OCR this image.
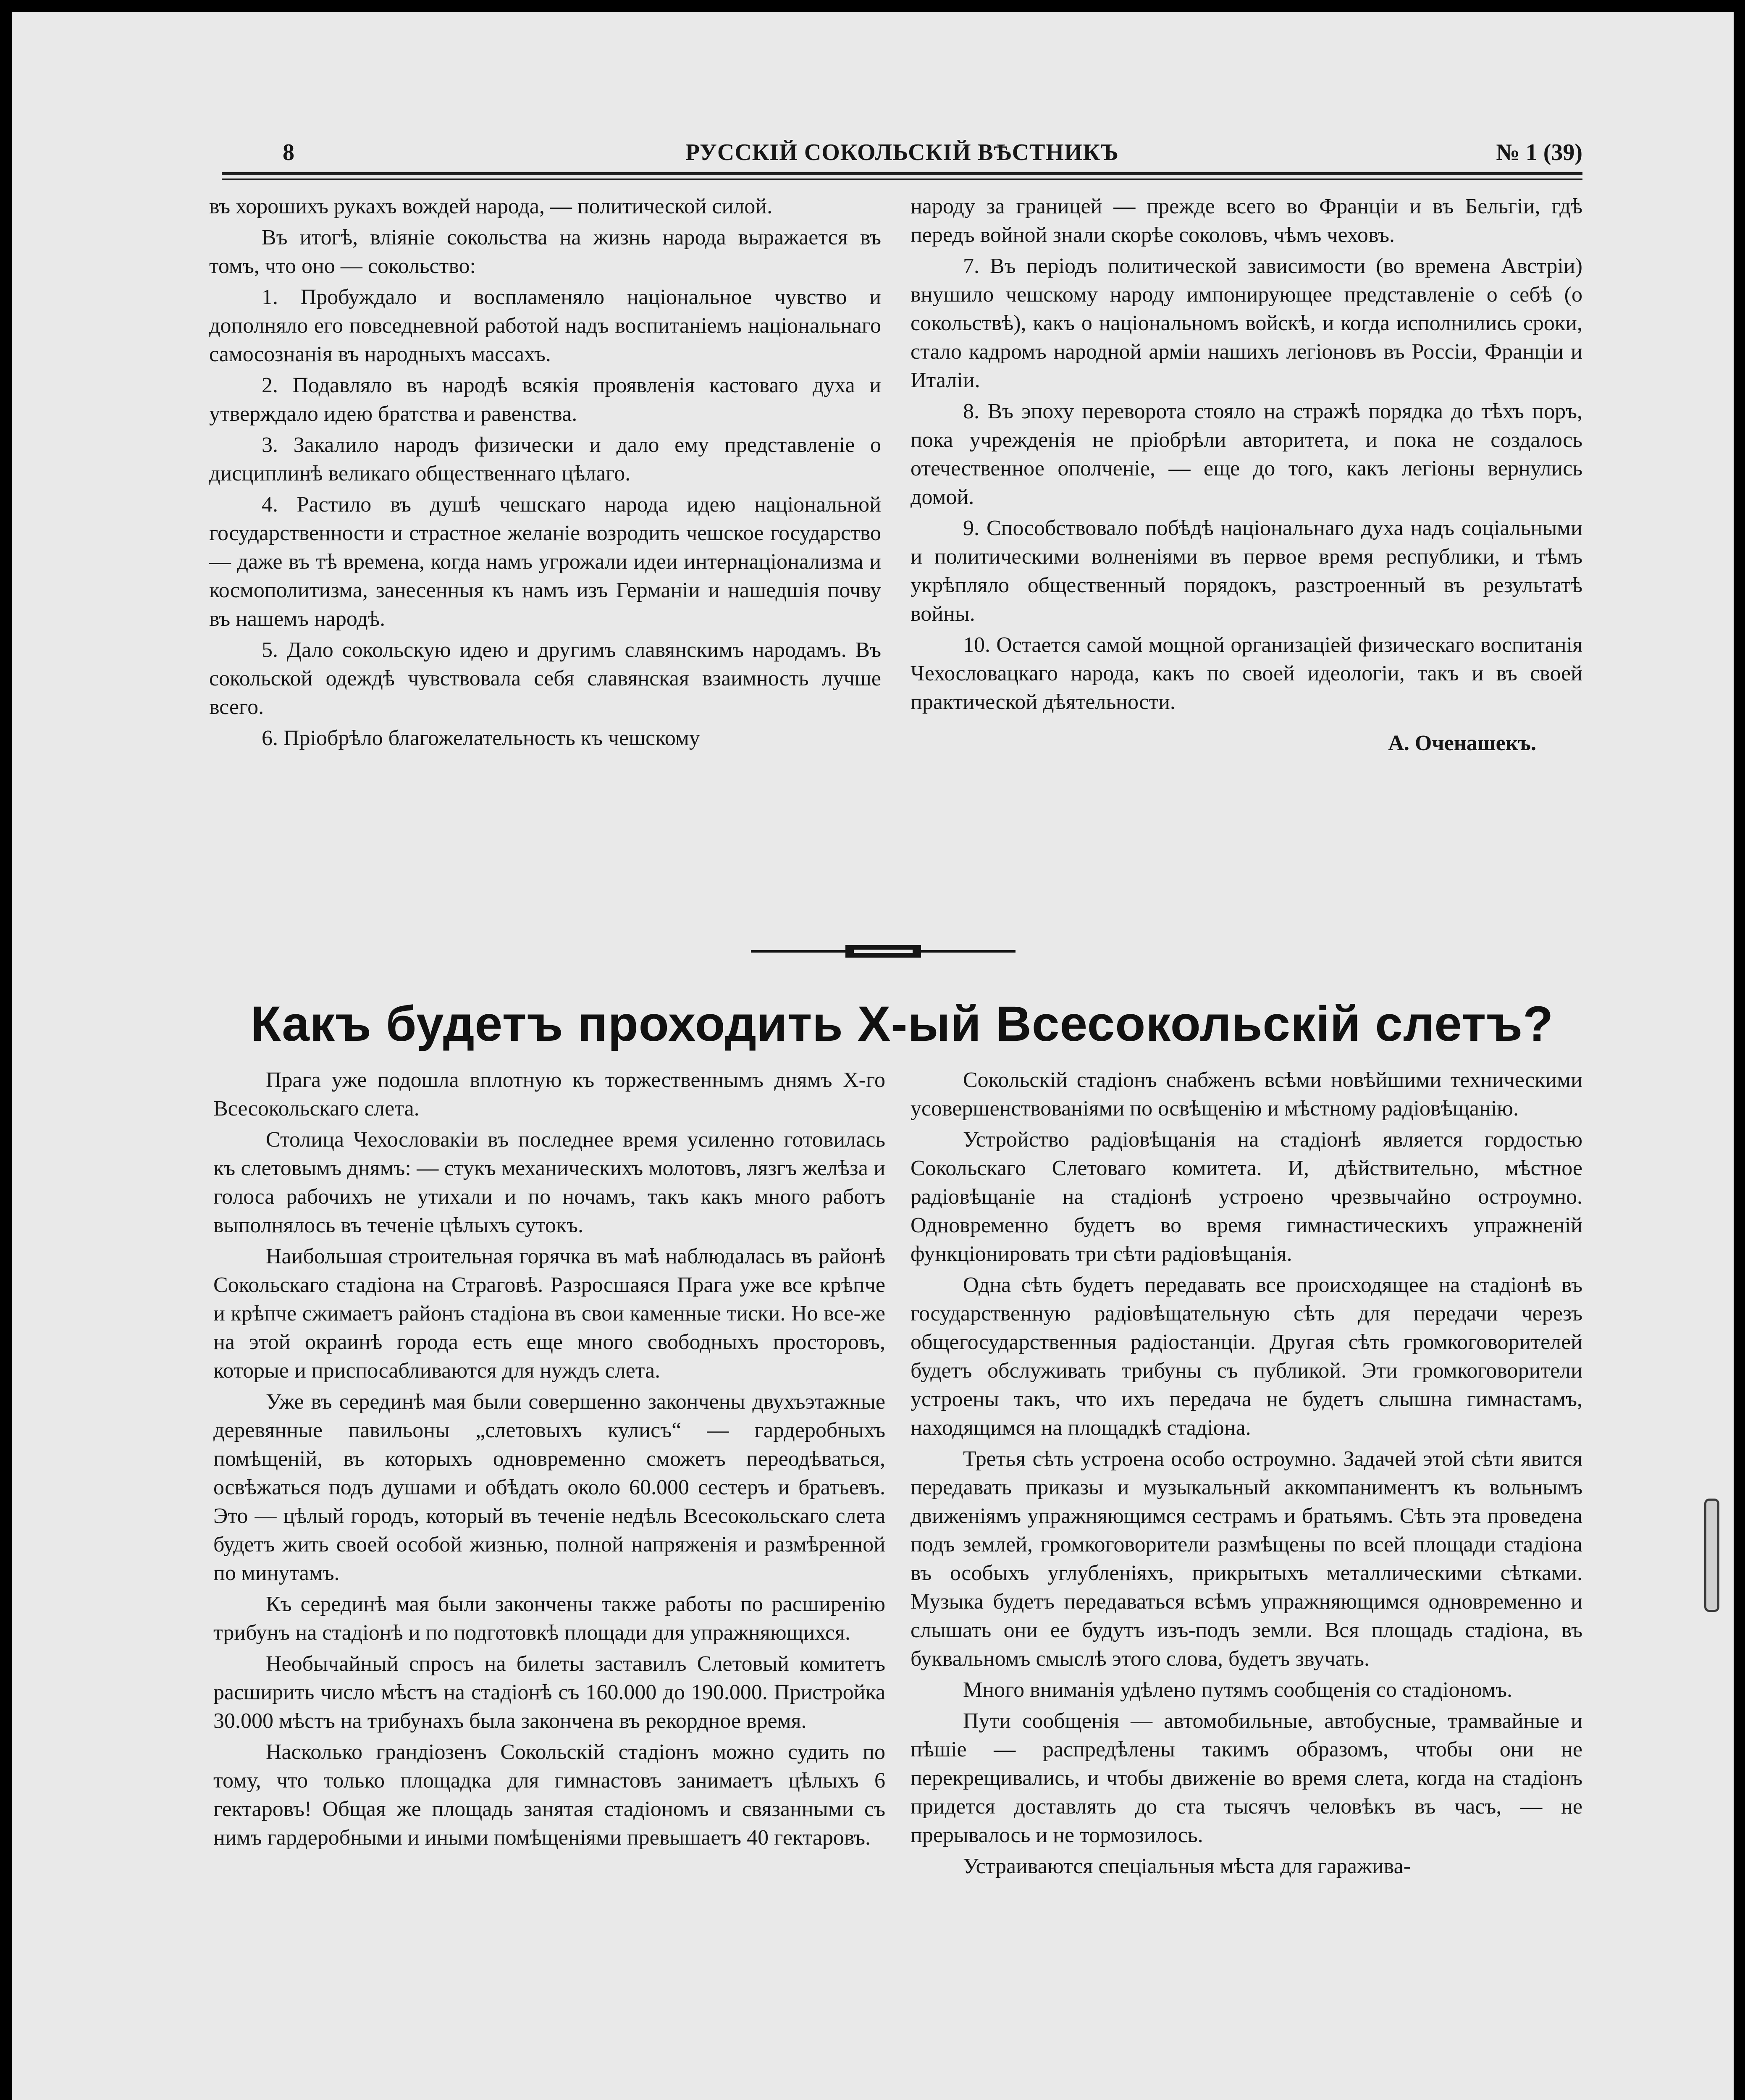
РУССКІЙ СОКОЛЬСКІЙ ВѢСТНИКЪ
8	№ 1 (39)

въ хорошихъ рукахъ вождей народа, — политической силой.

Въ итогѣ, вліяніе сокольства на жизнь народа выражается въ томъ, что оно — сокольство:

1. Пробуждало и воспламеняло національное чувство и дополняло его повседневной работой надъ воспитаніемъ національнаго самосознанія въ народныхъ массахъ.

2. Подавляло въ народѣ всякія проявленія кастоваго духа и утверждало идею братства и равенства.

3. Закалило народъ физически и дало ему представленіе о дисциплинѣ великаго общественнаго цѣлаго.

4. Растило въ душѣ чешскаго народа идею національной государственности и страстное желаніе возродить чешское государство — даже въ тѣ времена, когда намъ угрожали идеи интернаціонализма и космополитизма, занесенныя къ намъ изъ Германіи и нашедшія почву въ нашемъ народѣ.

5. Дало сокольскую идею и другимъ славянскимъ народамъ. Въ сокольской одеждѣ чувствовала себя славянская взаимность лучше всего.

6. Пріобрѣло благожелательность къ чешскому

народу за границей — прежде всего во Франціи и въ Бельгіи, гдѣ передъ войной знали скорѣе соколовъ, чѣмъ чеховъ.

7. Въ періодъ политической зависимости (во времена Австріи) внушило чешскому народу импонирующее представленіе о себѣ (о сокольствѣ), какъ о національномъ войскѣ, и когда исполнились сроки, стало кадромъ народной арміи нашихъ легіоновъ въ Россіи, Франціи и Италіи.

8. Въ эпоху переворота стояло на стражѣ порядка до тѣхъ поръ, пока учрежденія не пріобрѣли авторитета, и пока не создалось отечественное ополченіе, — еще до того, какъ легіоны вернулись домой.

9. Способствовало побѣдѣ національнаго духа надъ соціальными и политическими волненіями въ первое время республики, и тѣмъ укрѣпляло общественный порядокъ, разстроенный въ результатѣ войны.

10. Остается самой мощной организаціей физическаго воспитанія Чехословацкаго народа, какъ по своей идеологіи, такъ и въ своей практической дѣятельности.

А. Оченашекъ.

Какъ будетъ проходить Х-ый Всесокольскій слетъ?

Прага уже подошла вплотную къ торжественнымъ днямъ Х-го Всесокольскаго слета.

Столица Чехословакіи въ последнее время усиленно готовилась къ слетовымъ днямъ: — стукъ механическихъ молотовъ, лязгъ желѣза и голоса рабочихъ не утихали и по ночамъ, такъ какъ много работъ выполнялось въ теченіе цѣлыхъ сутокъ.

Наибольшая строительная горячка въ маѣ наблюдалась въ районѣ Сокольскаго стадіона на Страговѣ. Разросшаяся Прага уже все крѣпче и крѣпче сжимаетъ районъ стадіона въ свои каменные тиски. Но все-же на этой окраинѣ города есть еще много свободныхъ просторовъ, которые и приспосабливаются для нуждъ слета.

Уже въ серединѣ мая были совершенно закончены двухъэтажные деревянные павильоны „слетовыхъ кулисъ“ — гардеробныхъ помѣщеній, въ которыхъ одновременно сможетъ переодѣваться, освѣжаться подъ душами и обѣдать около 60.000 сестеръ и братьевъ. Это — цѣлый городъ, который въ теченіе недѣль Всесокольскаго слета будетъ жить своей особой жизнью, полной напряженія и размѣренной по минутамъ.

Къ серединѣ мая были закончены также работы по расширенію трибунъ на стадіонѣ и по подготовкѣ площади для упражняющихся.

Необычайный спросъ на билеты заставилъ Слетовый комитетъ расширить число мѣстъ на стадіонѣ съ 160.000 до 190.000. Пристройка 30.000 мѣстъ на трибунахъ была закончена въ рекордное время.

Насколько грандіозенъ Сокольскій стадіонъ можно судить по тому, что только площадка для гимнастовъ занимаетъ цѣлыхъ 6 гектаровъ! Общая же площадь занятая стадіономъ и связанными съ нимъ гардеробными и иными помѣщеніями превышаетъ 40 гектаровъ.

Сокольскій стадіонъ снабженъ всѣми новѣйшими техническими усовершенствованіями по освѣщенію и мѣстному радіовѣщанію.

Устройство радіовѣщанія на стадіонѣ является гордостью Сокольскаго Слетоваго комитета. И, дѣйствительно, мѣстное радіовѣщаніе на стадіонѣ устроено чрезвычайно остроумно. Одновременно будетъ во время гимнастическихъ упражненій функціонировать три сѣти радіовѣщанія.

Одна сѣть будетъ передавать все происходящее на стадіонѣ въ государственную радіовѣщательную сѣть для передачи черезъ общегосударственныя радіостанціи. Другая сѣть громкоговорителей будетъ обслуживать трибуны съ публикой. Эти громкоговорители устроены такъ, что ихъ передача не будетъ слышна гимнастамъ, находящимся на площадкѣ стадіона.

Третья сѣть устроена особо остроумно. Задачей этой сѣти явится передавать приказы и музыкальный аккомпаниментъ къ вольнымъ движеніямъ упражняющимся сестрамъ и братьямъ. Сѣть эта проведена подъ землей, громкоговорители размѣщены по всей площади стадіона въ особыхъ углубленіяхъ, прикрытыхъ металлическими сѣтками. Музыка будетъ передаваться всѣмъ упражняющимся одновременно и слышать они ее будутъ изъ-подъ земли. Вся площадь стадіона, въ буквальномъ смыслѣ этого слова, будетъ звучать.

Много вниманія удѣлено путямъ сообщенія со стадіономъ.

Пути сообщенія — автомобильные, автобусные, трамвайные и пѣшіе — распредѣлены такимъ образомъ, чтобы они не перекрещивались, и чтобы движеніе во время слета, когда на стадіонъ придется доставлять до ста тысячъ человѣкъ въ часъ, — не прерывалось и не тормозилось.

Устраиваются спеціальныя мѣста для гаражива-
